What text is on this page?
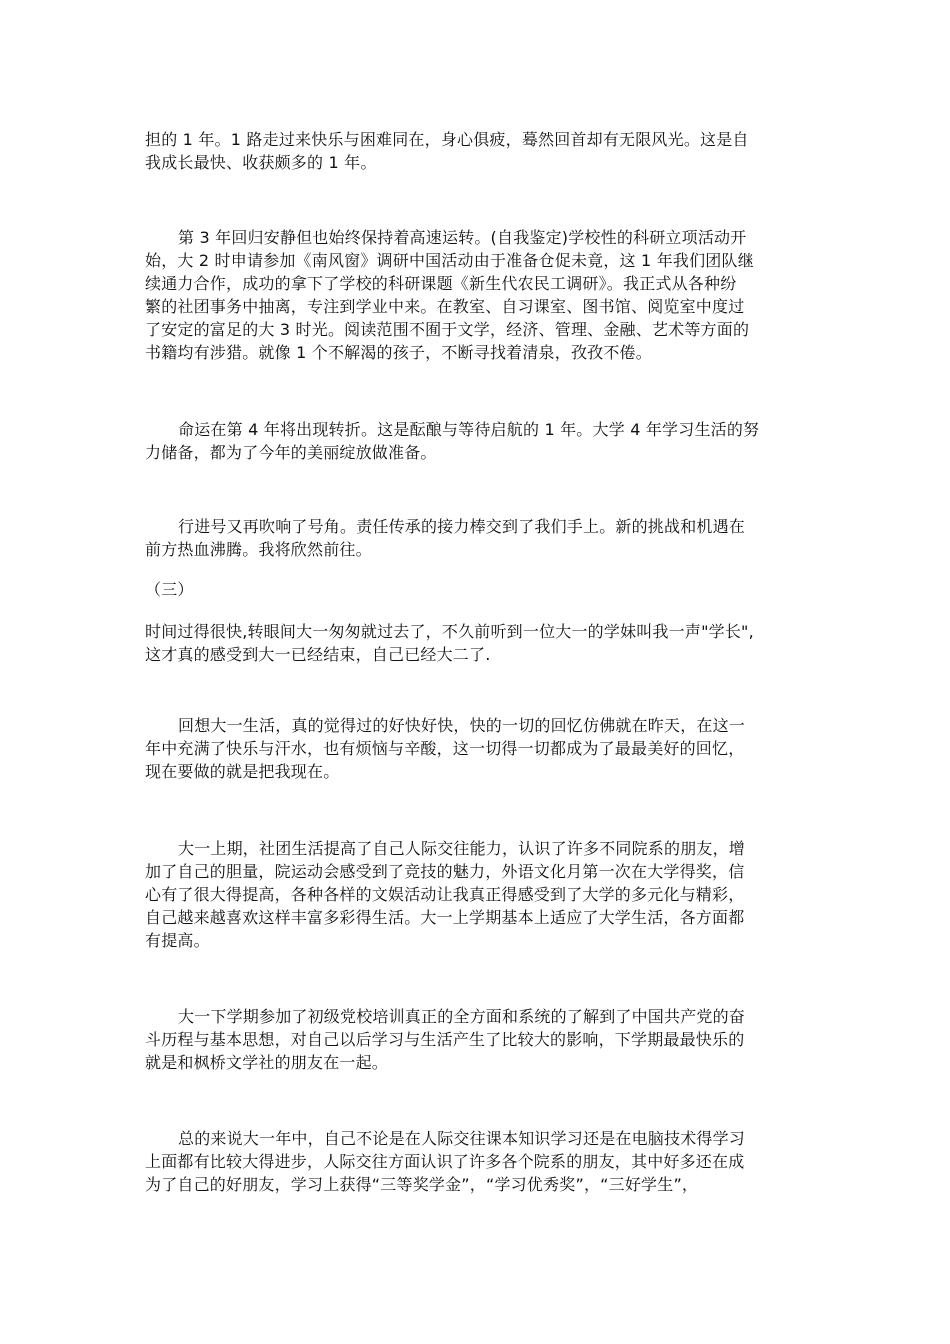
担的 1 年。1 路走过来快乐与困难同在，身心俱疲，蓦然回首却有无限风光。这是自
我成长最快、收获颇多的 1 年。
第 3 年回归安静但也始终保持着高速运转。(自我鉴定)学校性的科研立项活动开
始，大 2 时申请参加《南风窗》调研中国活动由于准备仓促未竟，这 1 年我们团队继
续通力合作，成功的拿下了学校的科研课题《新生代农民工调研》。我正式从各种纷
繁的社团事务中抽离，专注到学业中来。在教室、自习课室、图书馆、阅览室中度过
了安定的富足的大 3 时光。阅读范围不囿于文学，经济、管理、金融、艺术等方面的
书籍均有涉猎。就像 1 个不解渴的孩子，不断寻找着清泉，孜孜不倦。
命运在第 4 年将出现转折。这是酝酿与等待启航的 1 年。大学 4 年学习生活的努
力储备，都为了今年的美丽绽放做准备。
行进号又再吹响了号角。责任传承的接力棒交到了我们手上。新的挑战和机遇在
前方热血沸腾。我将欣然前往。
（三）
时间过得很快,转眼间大一匆匆就过去了，不久前听到一位大一的学妹叫我一声"学长",
这才真的感受到大一已经结束，自己已经大二了.
回想大一生活，真的觉得过的好快好快，快的一切的回忆仿佛就在昨天，在这一
年中充满了快乐与汗水，也有烦恼与辛酸，这一切得一切都成为了最最美好的回忆，
现在要做的就是把我现在。
大一上期，社团生活提高了自己人际交往能力，认识了许多不同院系的朋友，增
加了自己的胆量，院运动会感受到了竞技的魅力，外语文化月第一次在大学得奖，信
心有了很大得提高，各种各样的文娱活动让我真正得感受到了大学的多元化与精彩，
自己越来越喜欢这样丰富多彩得生活。大一上学期基本上适应了大学生活，各方面都
有提高。
大一下学期参加了初级党校培训真正的全方面和系统的了解到了中国共产党的奋
斗历程与基本思想，对自己以后学习与生活产生了比较大的影响，下学期最最快乐的
就是和枫桥文学社的朋友在一起。
总的来说大一年中，自己不论是在人际交往课本知识学习还是在电脑技术得学习
上面都有比较大得进步，人际交往方面认识了许多各个院系的朋友，其中好多还在成
为了自己的好朋友，学习上获得“三等奖学金”，“学习优秀奖”，“三好学生”，
